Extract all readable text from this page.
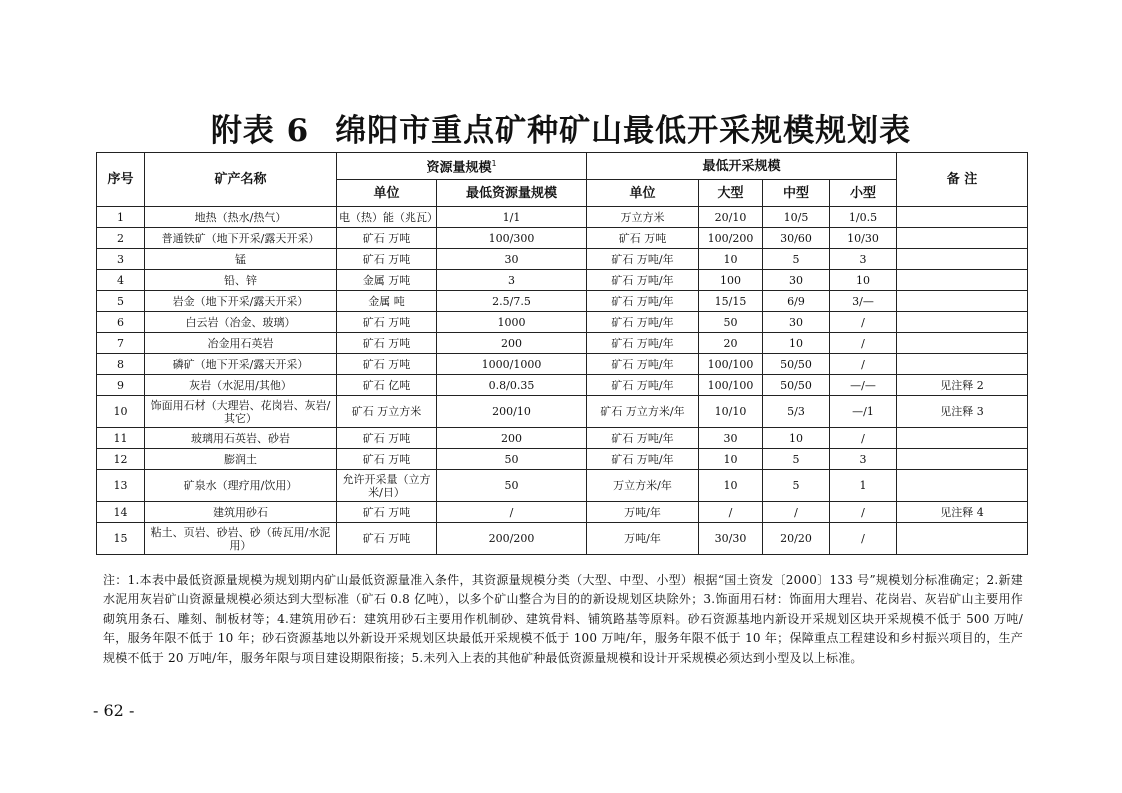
附表 6 绵阳市重点矿种矿山最低开采规模规划表
序号	矿产名称	资源量规模$^1$		最低开采规模				备 注
		单位	最低资源量规模	单位	大型	中型	小型	
1	地热（热水/热气）	电（热）能（兆瓦）	1/1	万立方米	20/10	10/5	1/0.5	
2	普通铁矿（地下开采/露天开采）	矿石 万吨	100/300	矿石 万吨	100/200	30/60	10/30	
3	锰	矿石 万吨	30	矿石 万吨/年	10	5	3	
4	铅、锌	金属 万吨	3	矿石 万吨/年	100	30	10	
5	岩金（地下开采/露天开采）	金属 吨	2.5/7.5	矿石 万吨/年	15/15	6/9	3/—	
6	白云岩（冶金、玻璃）	矿石 万吨	1000	矿石 万吨/年	50	30	/	
7	冶金用石英岩	矿石 万吨	200	矿石 万吨/年	20	10	/	
8	磷矿（地下开采/露天开采）	矿石 万吨	1000/1000	矿石 万吨/年	100/100	50/50	/	
9	灰岩（水泥用/其他）	矿石 亿吨	0.8/0.35	矿石 万吨/年	100/100	50/50	—/—	见注释 2
10	饰面用石材（大理岩、花岗岩、灰岩/其它）	矿石 万立方米	200/10	矿石 万立方米/年	10/10	5/3	—/1	见注释 3
11	玻璃用石英岩、砂岩	矿石 万吨	200	矿石 万吨/年	30	10	/	
12	膨润土	矿石 万吨	50	矿石 万吨/年	10	5	3	
13	矿泉水（理疗用/饮用）	允许开采量（立方米/日）	50	万立方米/年	10	5	1	
14	建筑用砂石	矿石 万吨	/	万吨/年	/	/	/	见注释 4
15	粘土、页岩、砂岩、砂（砖瓦用/水泥用）	矿石 万吨	200/200	万吨/年	30/30	20/20	/	
注：1.本表中最低资源量规模为规划期内矿山最低资源量准入条件，其资源量规模分类（大型、中型、小型）根据“国土资发〔2000〕133 号”规模划分标准确定；2.新建水泥用灰岩矿山资源量规模必须达到大型标准（矿石 0.8 亿吨），以多个矿山整合为目的的新设规划区块除外；3.饰面用石材：饰面用大理岩、花岗岩、灰岩矿山主要用作砌筑用条石、雕刻、制板材等；4.建筑用砂石：建筑用砂石主要用作机制砂、建筑骨料、铺筑路基等原料。砂石资源基地内新设开采规划区块开采规模不低于 500 万吨/年，服务年限不低于 10 年；砂石资源基地以外新设开采规划区块最低开采规模不低于 100 万吨/年，服务年限不低于 10 年；保障重点工程建设和乡村振兴项目的，生产规模不低于 20 万吨/年，服务年限与项目建设期限衔接；5.未列入上表的其他矿种最低资源量规模和设计开采规模必须达到小型及以上标准。
- 62 -
